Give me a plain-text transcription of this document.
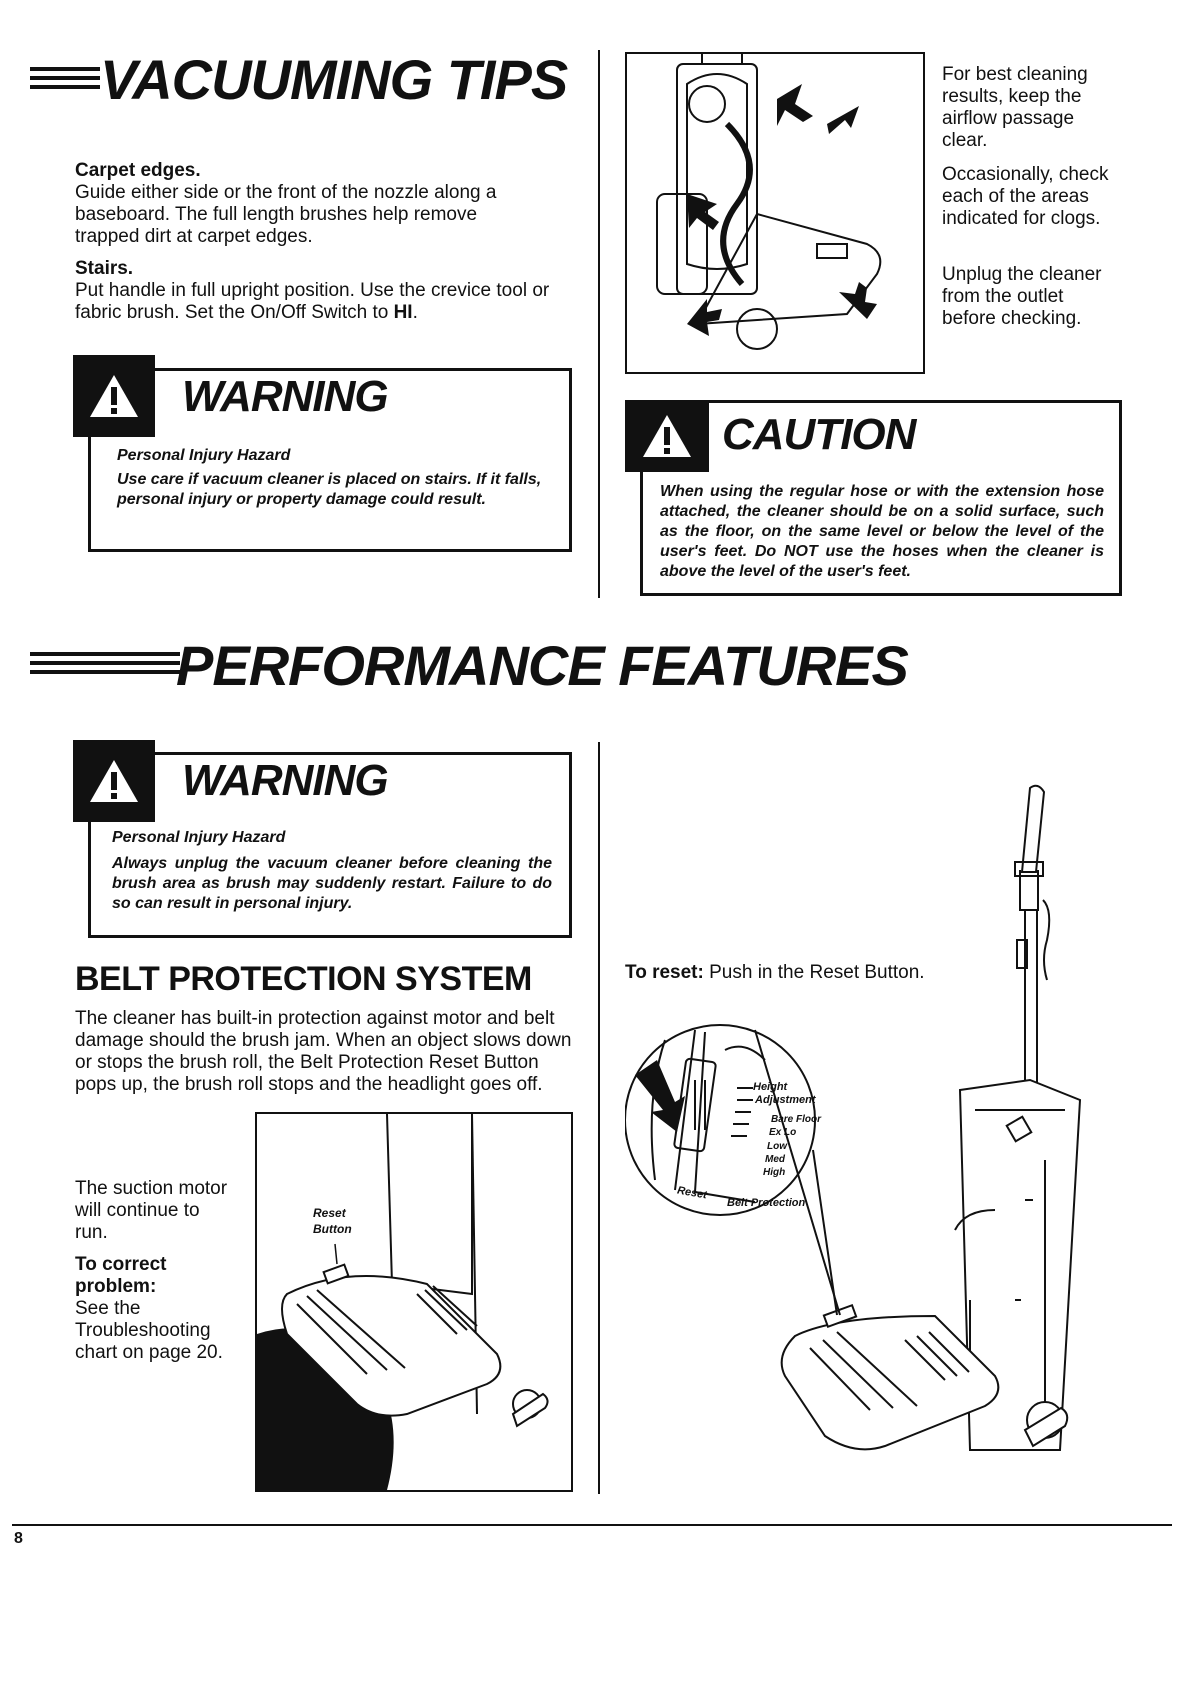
VACUUMING TIPS
Carpet edges.
Guide either side or the front of the nozzle along a baseboard. The full length brushes help remove trapped dirt at carpet edges.
Stairs.
Put handle in full upright position. Use the crevice tool or fabric brush. Set the On/Off Switch to HI.
WARNING
Personal Injury Hazard
Use care if vacuum cleaner is placed on stairs. If it falls, personal injury or property damage could result.
For best cleaning results, keep the airflow passage clear.
Occasionally, check each of the areas indicated for clogs.
Unplug the cleaner from the outlet before checking.
CAUTION
When using the regular hose or with the extension hose attached, the cleaner should be on a solid surface, such as the floor, on the same level or below the level of the user's feet. Do NOT use the hoses when the cleaner is above the level of the user's feet.
PERFORMANCE FEATURES
WARNING
Personal Injury Hazard
Always unplug the vacuum cleaner before cleaning the brush area as brush may suddenly restart. Failure to do so can result in personal injury.
BELT PROTECTION SYSTEM
The cleaner has built-in protection against motor and belt damage should the brush jam. When an object slows down or stops the brush roll, the Belt Protection Reset Button pops up, the brush roll stops and the headlight goes off.
The suction motor will continue to run.
To correct problem:
See the Troubleshooting chart on page 20.
Reset
Button
To reset: Push in the Reset Button.
Height
Adjustment
Bare Floor
Ex Lo
Low
Med
High
Reset
Belt Protection
8
